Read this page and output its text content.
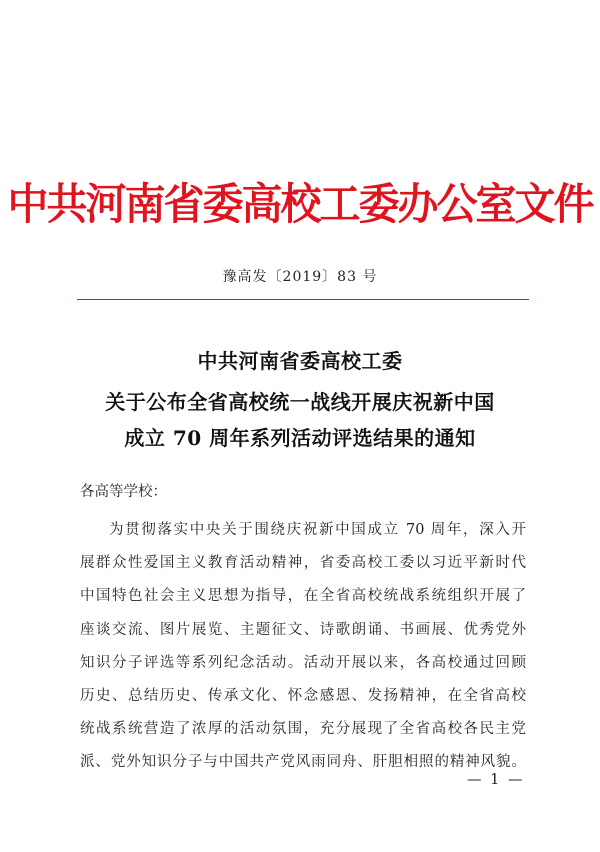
中共河南省委高校工委办公室文件
豫高发〔2019〕83 号
中共河南省委高校工委
关于公布全省高校统一战线开展庆祝新中国
成立 70 周年系列活动评选结果的通知
各高等学校：
为贯彻落实中央关于围绕庆祝新中国成立 70 周年，深入开
展群众性爱国主义教育活动精神，省委高校工委以习近平新时代
中国特色社会主义思想为指导，在全省高校统战系统组织开展了
座谈交流、图片展览、主题征文、诗歌朗诵、书画展、优秀党外
知识分子评选等系列纪念活动。活动开展以来，各高校通过回顾
历史、总结历史、传承文化、怀念感恩、发扬精神，在全省高校
统战系统营造了浓厚的活动氛围，充分展现了全省高校各民主党
派、党外知识分子与中国共产党风雨同舟、肝胆相照的精神风貌。
— 1 —
